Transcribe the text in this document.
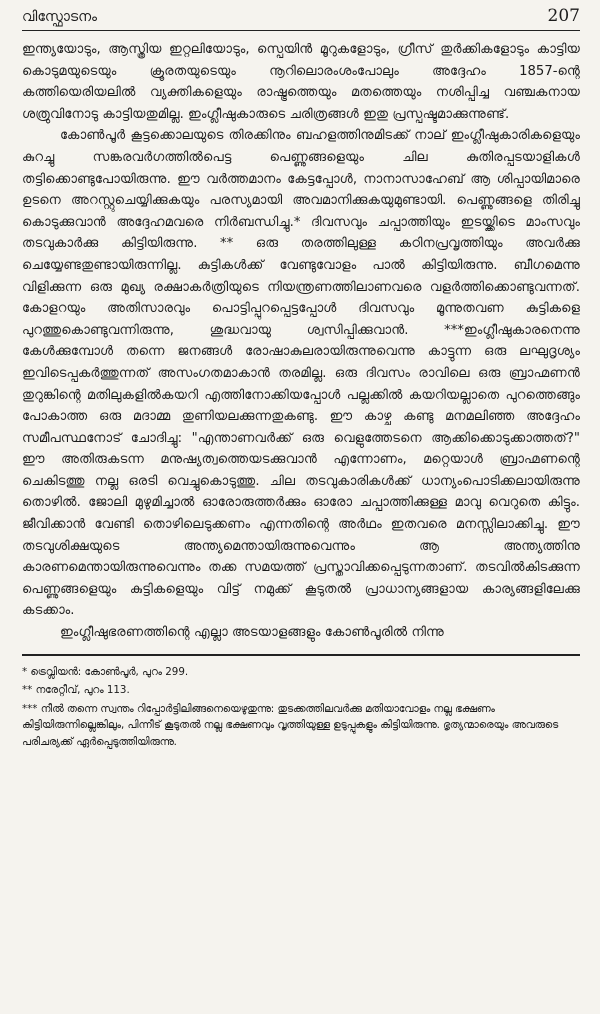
വിസ്ഫോടനം	207

ഇന്ത്യയോടും, ആസ്ത്രിയ ഇറ്റലിയോടും, സ്പെയിൻ മൂറുകളോടും, ഗ്രീസ് തുർക്കികളോടും കാട്ടിയ കൊടുമയുടെയും ക്രൂരതയുടെയും നൂറിലൊരംശംപോലും അദ്ദേഹം 1857-ന്റെ കത്തിയെരിയലിൽ വ്യക്തികളെയും രാഷ്ട്രത്തെയും മതത്തെയും നശിപ്പിച്ച വഞ്ചകനായ ശത്രുവിനോടു കാട്ടിയതുമില്ല. ഇംഗ്ലീഷുകാരുടെ ചരിത്രങ്ങൾ ഇതു പ്രസ്പഷ്ടമാക്കുന്നുണ്ട്.

കോൺപൂർ കൂട്ടക്കൊലയുടെ തിരക്കിനും ബഹളത്തിനുമിടക്ക് നാല് ഇംഗ്ലീഷുകാരികളെയും കുറച്ചു സങ്കരവർഗത്തിൽപെട്ട പെണ്ണുങ്ങളെയും ചില കുതിരപ്പടയാളികൾ തട്ടിക്കൊണ്ടുപോയിരുന്നു. ഈ വർത്തമാനം കേട്ടപ്പോൾ, നാനാസാഹേബ് ആ ശിപ്പായിമാരെ ഉടനെ അറസ്റ്റുചെയ്യിക്കുകയും പരസ്യമായി അവമാനിക്കുകയുമുണ്ടായി. പെണ്ണുങ്ങളെ തിരിച്ചു കൊടുക്കുവാൻ അദ്ദേഹമവരെ നിർബന്ധിച്ചു.* ദിവസവും ചപ്പാത്തിയും ഇടയ്ക്കിടെ മാംസവും തടവുകാർക്കു കിട്ടിയിരുന്നു. ** ഒരു തരത്തിലുള്ള കഠിനപ്രവൃത്തിയും അവർക്കു ചെയ്യേണ്ടതുണ്ടായിരുന്നില്ല. കുട്ടികൾക്ക് വേണ്ടുവോളം പാൽ കിട്ടിയിരുന്നു. ബീഗമെന്നു വിളിക്കുന്ന ഒരു മുഖ്യ രക്ഷാകർത്രിയുടെ നിയന്ത്രണത്തിലാണവരെ വളർത്തിക്കൊണ്ടുവന്നത്. കോളറയും അതിസാരവും പൊട്ടിപ്പുറപ്പെട്ടപ്പോൾ ദിവസവും മൂന്നുതവണ കുട്ടികളെ പുറത്തുകൊണ്ടുവന്നിരുന്നു, ശുദ്ധവായു ശ്വസിപ്പിക്കുവാൻ. ***ഇംഗ്ലീഷുകാരനെന്നു കേൾക്കുമ്പോൾ തന്നെ ജനങ്ങൾ രോഷാകുലരായിരുന്നുവെന്നു കാട്ടുന്ന ഒരു ലഘുദൃശ്യം ഇവിടെപ്പകർത്തുന്നത് അസംഗതമാകാൻ തരമില്ല. ഒരു ദിവസം രാവിലെ ഒരു ബ്രാഹ്മണൻ തുറുങ്കിന്റെ മതിലുകളിൽകയറി എത്തിനോക്കിയപ്പോൾ പല്ലക്കിൽ കയറിയല്ലാതെ പുറത്തെങ്ങും പോകാത്ത ഒരു മദാമ്മ തുണിയലക്കുന്നതുകണ്ടു. ഈ കാഴ്ച കണ്ടു മനമലിഞ്ഞ അദ്ദേഹം സമീപസ്ഥനോട് ചോദിച്ചു: "എന്താണവർക്ക് ഒരു വെളുത്തേടനെ ആക്കിക്കൊടുക്കാത്തത്?" ഈ അതിരുകടന്ന മനുഷ്യത്വത്തെയടക്കുവാൻ എന്നോണം, മറ്റെയാൾ ബ്രാഹ്മണന്റെ ചെകിടത്തു നല്ല ഒരടി വെച്ചുകൊടുത്തു. ചില തടവുകാരികൾക്ക് ധാന്യംപൊടിക്കലായിരുന്നു തൊഴിൽ. ജോലി മുഴുമിച്ചാൽ ഓരോരുത്തർക്കും ഓരോ ചപ്പാത്തിക്കുള്ള മാവു വെറുതെ കിട്ടും. ജീവിക്കാൻ വേണ്ടി തൊഴിലെടുക്കണം എന്നതിന്റെ അർഥം ഇതവരെ മനസ്സിലാക്കിച്ചു. ഈ തടവുശിക്ഷയുടെ അന്ത്യമെന്തായിരുന്നുവെന്നും ആ അന്ത്യത്തിനു കാരണമെന്തായിരുന്നുവെന്നും തക്ക സമയത്ത് പ്രസ്താവിക്കപ്പെടുന്നതാണ്. തടവിൽകിടക്കുന്ന പെണ്ണുങ്ങളെയും കുട്ടികളെയും വിട്ട് നമുക്ക് കൂടുതൽ പ്രാധാന്യങ്ങളായ കാര്യങ്ങളിലേക്കു കടക്കാം.

ഇംഗ്ലീഷുഭരണത്തിന്റെ എല്ലാ അടയാളങ്ങളും കോൺപൂരിൽ നിന്നു

* ട്രെവ്ലിയൻ: കോൺപൂർ, പുറം 299.

** നരേറ്റീവ്, പുറം 113.

*** നീൽ തന്നെ സ്വന്തം റിപ്പോർട്ടിലിങ്ങനെയെഴുതുന്നു: തുടക്കത്തിലവർക്കു മതിയാവോളം നല്ല ഭക്ഷണം കിട്ടിയിരുന്നില്ലെങ്കിലും, പിന്നീട് കൂടുതൽ നല്ല ഭക്ഷണവും വൃത്തിയുള്ള ഉടുപ്പുകളും കിട്ടിയിരുന്നു. ഭൃത്യന്മാരെയും അവരുടെ പരിചര്യക്ക് ഏർപ്പെടുത്തിയിരുന്നു.
